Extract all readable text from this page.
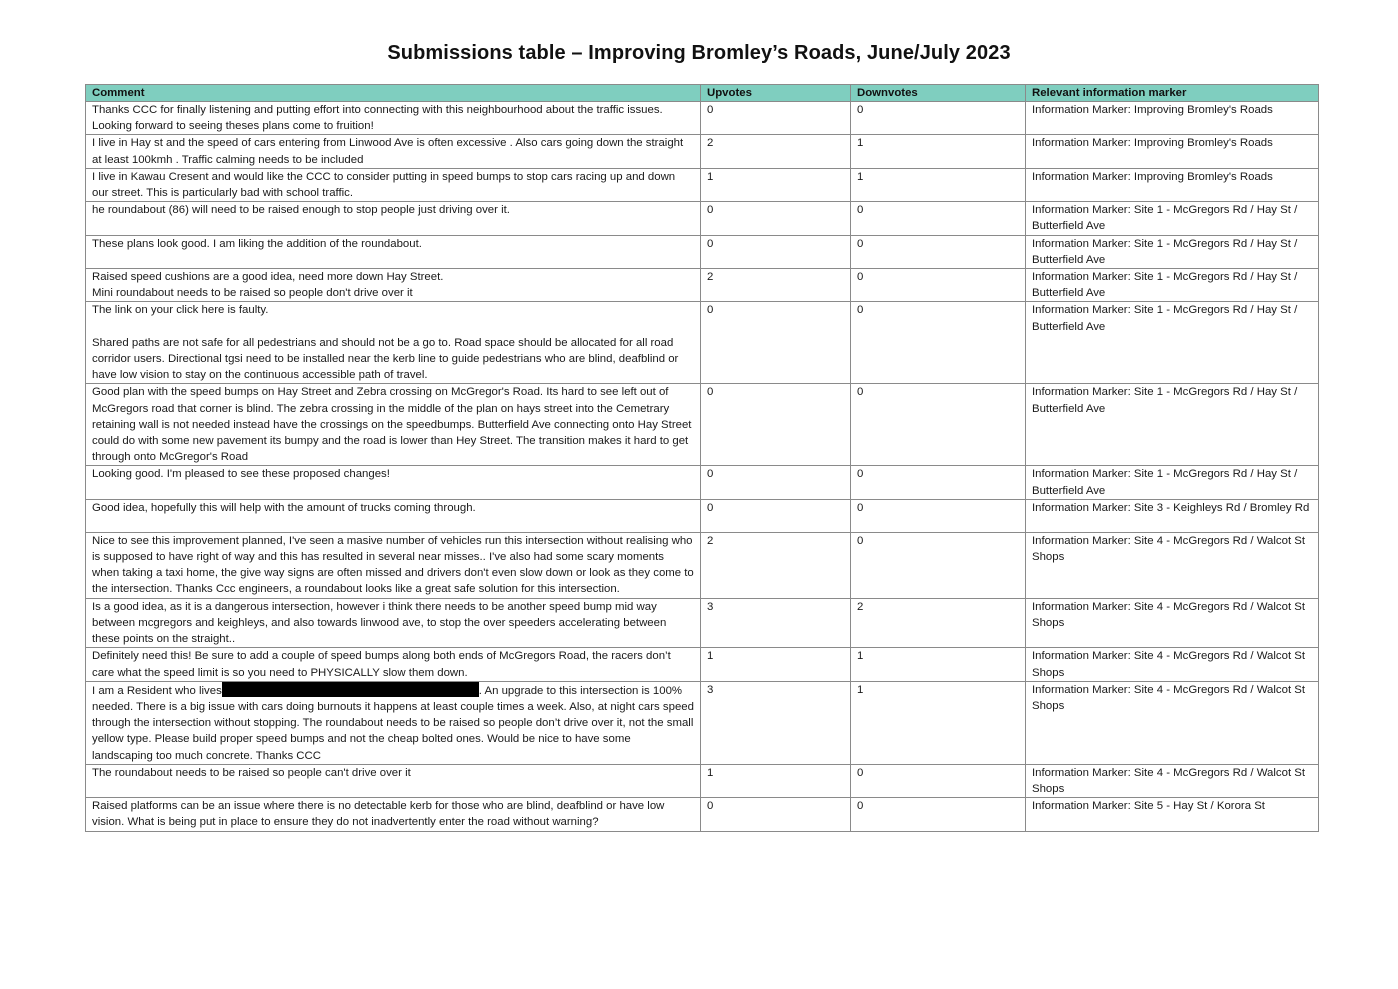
Submissions table – Improving Bromley’s Roads, June/July 2023
Comment	Upvotes	Downvotes	Relevant information marker
Thanks CCC for finally listening and putting effort into connecting with this neighbourhood about the traffic issues. Looking forward to seeing theses plans come to fruition!	0	0	Information Marker: Improving Bromley's Roads
I live in Hay st and the speed of cars entering from Linwood Ave is often excessive . Also cars going down the straight at least 100kmh . Traffic calming needs to be included	2	1	Information Marker: Improving Bromley's Roads
I live in Kawau Cresent and would like the CCC to consider putting in speed bumps to stop cars racing up and down our street. This is particularly bad with school traffic.	1	1	Information Marker: Improving Bromley's Roads
he roundabout (86) will need to be raised enough to stop people just driving over it.	0	0	Information Marker: Site 1 - McGregors Rd / Hay St / Butterfield Ave
These plans look good. I am liking the addition of the roundabout.	0	0	Information Marker: Site 1 - McGregors Rd / Hay St / Butterfield Ave
Raised speed cushions are a good idea, need more down Hay Street.
Mini roundabout needs to be raised so people don't drive over it	2	0	Information Marker: Site 1 - McGregors Rd / Hay St / Butterfield Ave
The link on your click here is faulty.

Shared paths are not safe for all pedestrians and should not be a go to. Road space should be allocated for all road corridor users. Directional tgsi need to be installed near the kerb line to guide pedestrians who are blind, deafblind or have low vision to stay on the continuous accessible path of travel.	0	0	Information Marker: Site 1 - McGregors Rd / Hay St / Butterfield Ave
Good plan with the speed bumps on Hay Street and Zebra crossing on McGregor's Road. Its hard to see left out of McGregors road that corner is blind. The zebra crossing in the middle of the plan on hays street into the Cemetrary retaining wall is not needed instead have the crossings on the speedbumps. Butterfield Ave connecting onto Hay Street could do with some new pavement its bumpy and the road is lower than Hey Street. The transition makes it hard to get through onto McGregor's Road	0	0	Information Marker: Site 1 - McGregors Rd / Hay St / Butterfield Ave
Looking good. I'm pleased to see these proposed changes!	0	0	Information Marker: Site 1 - McGregors Rd / Hay St / Butterfield Ave
Good idea, hopefully this will help with the amount of trucks coming through.	0	0	Information Marker: Site 3 - Keighleys Rd / Bromley Rd
Nice to see this improvement planned, I've seen a masive number of vehicles run this intersection without realising who is supposed to have right of way and this has resulted in several near misses.. I've also had some scary moments when taking a taxi home, the give way signs are often missed and drivers don't even slow down or look as they come to the intersection. Thanks Ccc engineers, a roundabout looks like a great safe solution for this intersection.	2	0	Information Marker: Site 4 - McGregors Rd / Walcot St Shops
Is a good idea, as it is a dangerous intersection, however i think there needs to be another speed bump mid way between mcgregors and keighleys, and also towards linwood ave, to stop the over speeders accelerating between these points on the straight..	3	2	Information Marker: Site 4 - McGregors Rd / Walcot St Shops
Definitely need this! Be sure to add a couple of speed bumps along both ends of McGregors Road, the racers don’t care what the speed limit is so you need to PHYSICALLY slow them down.	1	1	Information Marker: Site 4 - McGregors Rd / Walcot St Shops
I am a Resident who lives . An upgrade to this intersection is 100% needed. There is a big issue with cars doing burnouts it happens at least couple times a week. Also, at night cars speed through the intersection without stopping. The roundabout needs to be raised so people don’t drive over it, not the small yellow type. Please build proper speed bumps and not the cheap bolted ones. Would be nice to have some landscaping too much concrete. Thanks CCC	3	1	Information Marker: Site 4 - McGregors Rd / Walcot St Shops
The roundabout needs to be raised so people can't drive over it	1	0	Information Marker: Site 4 - McGregors Rd / Walcot St Shops
Raised platforms can be an issue where there is no detectable kerb for those who are blind, deafblind or have low vision. What is being put in place to ensure they do not inadvertently enter the road without warning?	0	0	Information Marker: Site 5 - Hay St / Korora St
